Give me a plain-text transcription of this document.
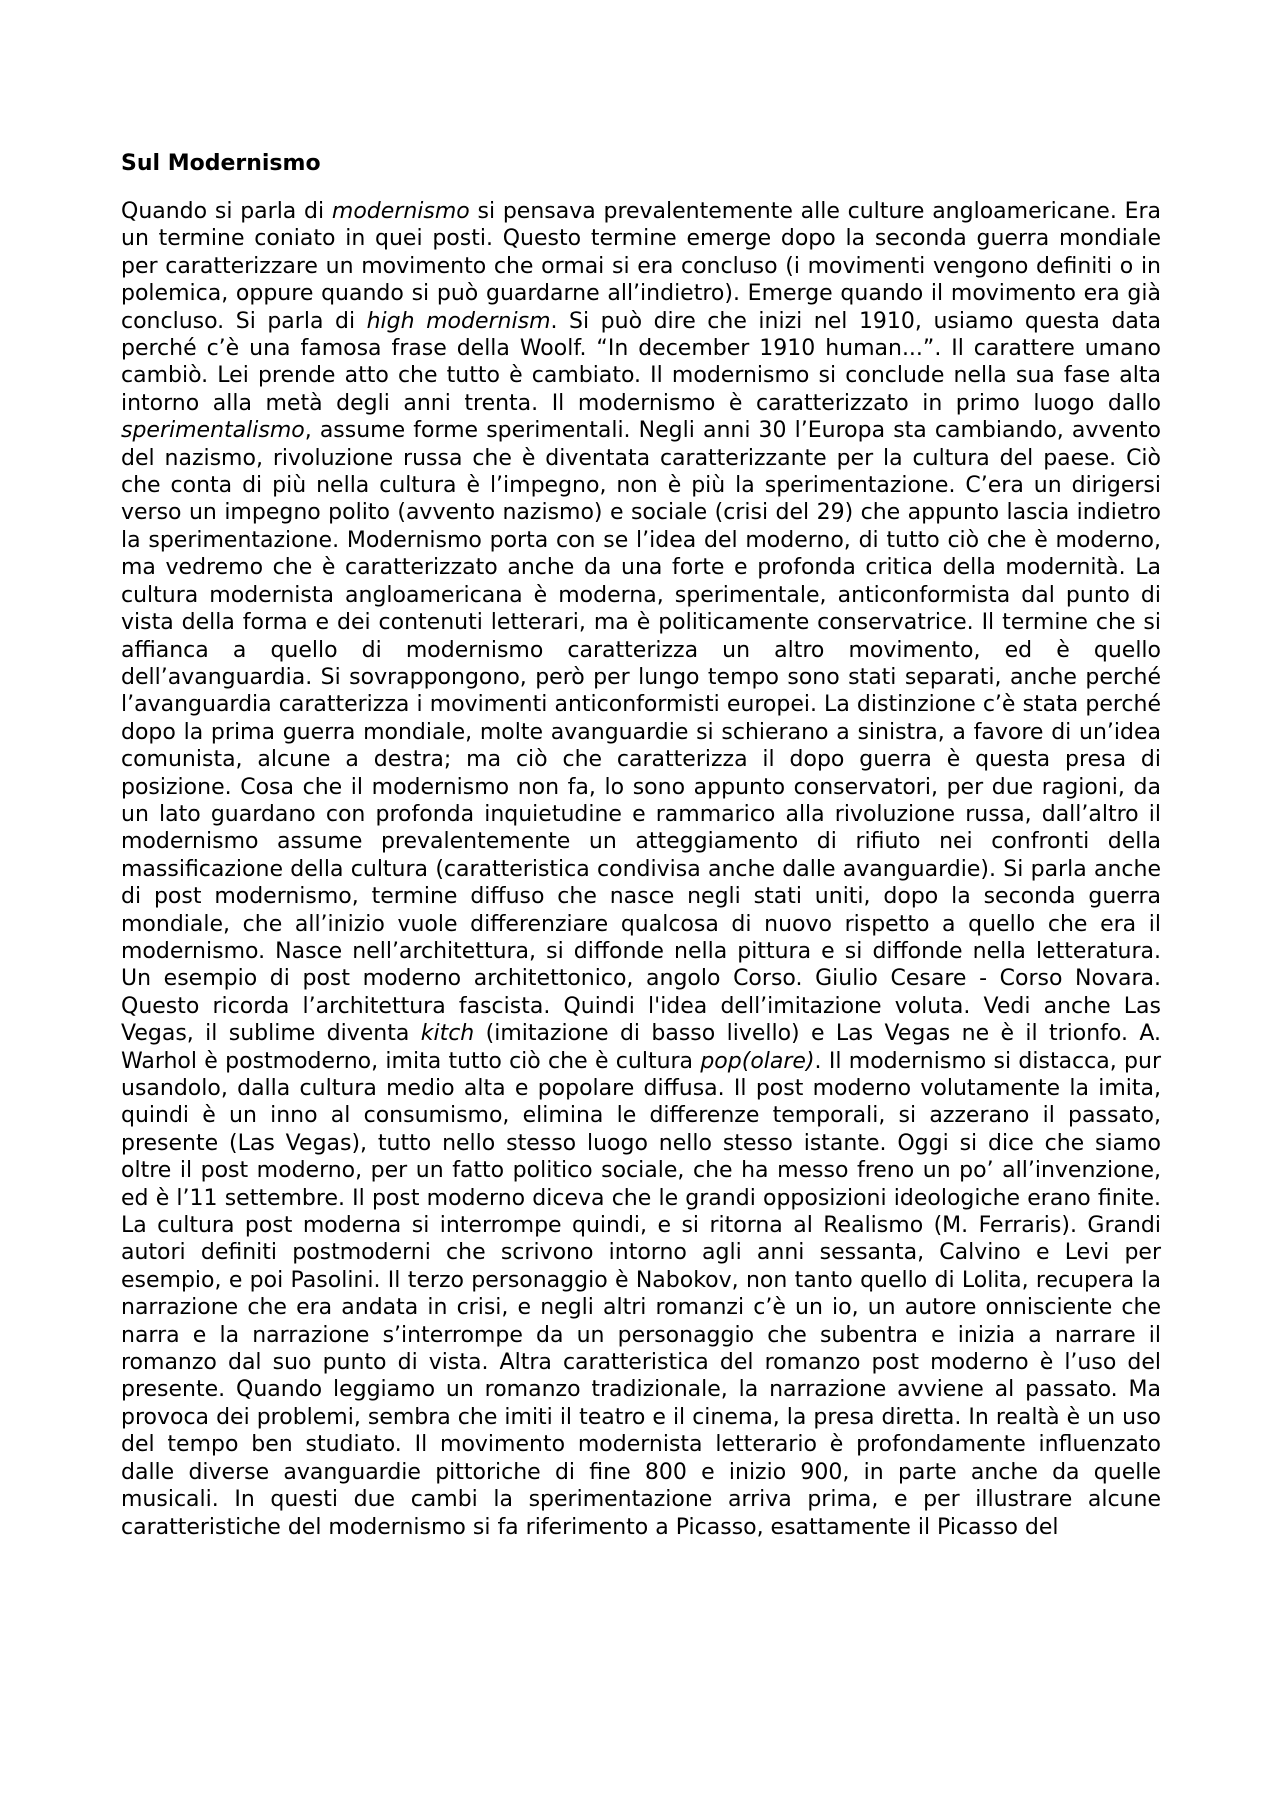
Sul Modernismo

Quando si parla di modernismo si pensava prevalentemente alle culture angloamericane. Era un termine coniato in quei posti. Questo termine emerge dopo la seconda guerra mondiale per caratterizzare un movimento che ormai si era concluso (i movimenti vengono definiti o in polemica, oppure quando si può guardarne all’indietro). Emerge quando il movimento era già concluso. Si parla di high modernism. Si può dire che inizi nel 1910, usiamo questa data perché c’è una famosa frase della Woolf. “In december 1910 human...”. Il carattere umano cambiò. Lei prende atto che tutto è cambiato. Il modernismo si conclude nella sua fase alta intorno alla metà degli anni trenta. Il modernismo è caratterizzato in primo luogo dallo sperimentalismo, assume forme sperimentali. Negli anni 30 l’Europa sta cambiando, avvento del nazismo, rivoluzione russa che è diventata caratterizzante per la cultura del paese. Ciò che conta di più nella cultura è l’impegno, non è più la sperimentazione. C’era un dirigersi verso un impegno polito (avvento nazismo) e sociale (crisi del 29) che appunto lascia indietro la sperimentazione. Modernismo porta con se l’idea del moderno, di tutto ciò che è moderno, ma vedremo che è caratterizzato anche da una forte e profonda critica della modernità. La cultura modernista angloamericana è moderna, sperimentale, anticonformista dal punto di vista della forma e dei contenuti letterari, ma è politicamente conservatrice. Il termine che si affianca a quello di modernismo caratterizza un altro movimento, ed è quello dell’avanguardia. Si sovrappongono, però per lungo tempo sono stati separati, anche perché l’avanguardia caratterizza i movimenti anticonformisti europei. La distinzione c’è stata perché dopo la prima guerra mondiale, molte avanguardie si schierano a sinistra, a favore di un’idea comunista, alcune a destra; ma ciò che caratterizza il dopo guerra è questa presa di posizione. Cosa che il modernismo non fa, lo sono appunto conservatori, per due ragioni, da un lato guardano con profonda inquietudine e rammarico alla rivoluzione russa, dall’altro il modernismo assume prevalentemente un atteggiamento di rifiuto nei confronti della massificazione della cultura (caratteristica condivisa anche dalle avanguardie). Si parla anche di post modernismo, termine diffuso che nasce negli stati uniti, dopo la seconda guerra mondiale, che all’inizio vuole differenziare qualcosa di nuovo rispetto a quello che era il modernismo. Nasce nell’architettura, si diffonde nella pittura e si diffonde nella letteratura. Un esempio di post moderno architettonico, angolo Corso. Giulio Cesare - Corso Novara. Questo ricorda l’architettura fascista. Quindi l'idea dell’imitazione voluta. Vedi anche Las Vegas, il sublime diventa kitch (imitazione di basso livello) e Las Vegas ne è il trionfo. A. Warhol è postmoderno, imita tutto ciò che è cultura pop(olare). Il modernismo si distacca, pur usandolo, dalla cultura medio alta e popolare diffusa. Il post moderno volutamente la imita, quindi è un inno al consumismo, elimina le differenze temporali, si azzerano il passato, presente (Las Vegas), tutto nello stesso luogo nello stesso istante. Oggi si dice che siamo oltre il post moderno, per un fatto politico sociale, che ha messo freno un po’ all’invenzione, ed è l’11 settembre. Il post moderno diceva che le grandi opposizioni ideologiche erano finite. La cultura post moderna si interrompe quindi, e si ritorna al Realismo (M. Ferraris). Grandi autori definiti postmoderni che scrivono intorno agli anni sessanta, Calvino e Levi per esempio, e poi Pasolini. Il terzo personaggio è Nabokov, non tanto quello di Lolita, recupera la narrazione che era andata in crisi, e negli altri romanzi c’è un io, un autore onnisciente che narra e la narrazione s’interrompe da un personaggio che subentra e inizia a narrare il romanzo dal suo punto di vista. Altra caratteristica del romanzo post moderno è l’uso del presente. Quando leggiamo un romanzo tradizionale, la narrazione avviene al passato. Ma provoca dei problemi, sembra che imiti il teatro e il cinema, la presa diretta. In realtà è un uso del tempo ben studiato. Il movimento modernista letterario è profondamente influenzato dalle diverse avanguardie pittoriche di fine 800 e inizio 900, in parte anche da quelle musicali. In questi due cambi la sperimentazione arriva prima, e per illustrare alcune caratteristiche del modernismo si fa riferimento a Picasso, esattamente il Picasso del
